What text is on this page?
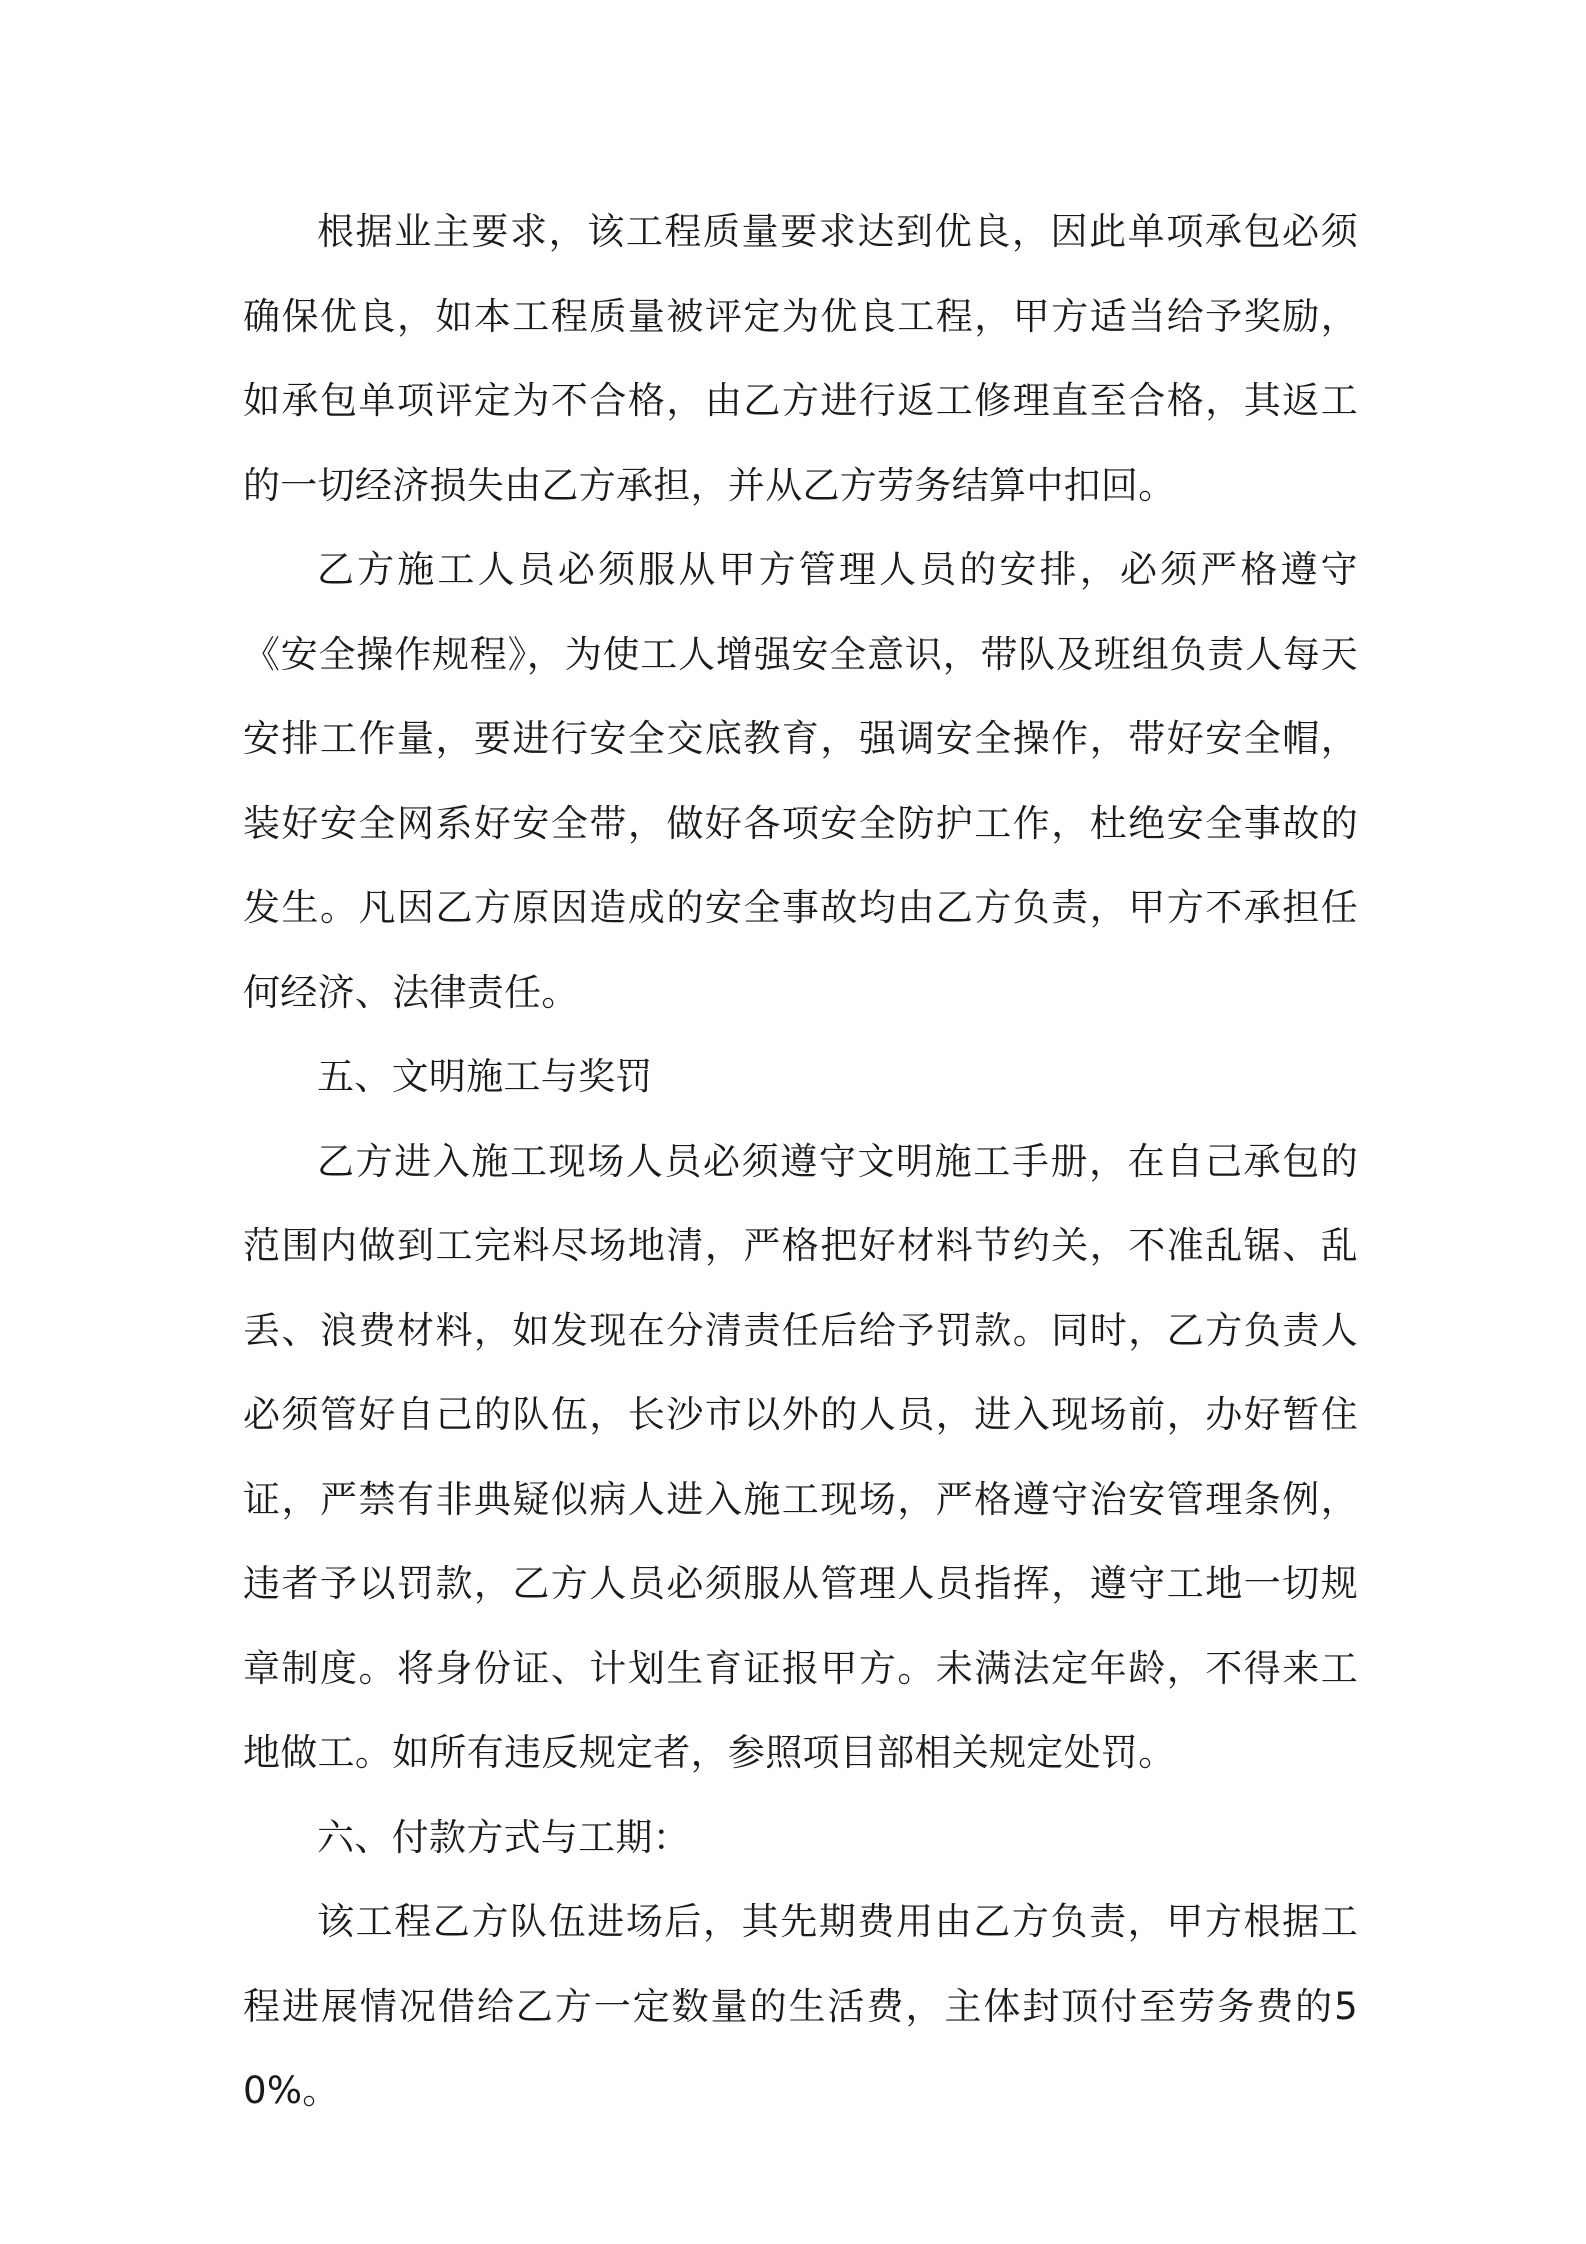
根据业主要求，该工程质量要求达到优良，因此单项承包必须确保优良，如本工程质量被评定为优良工程，甲方适当给予奖励，如承包单项评定为不合格，由乙方进行返工修理直至合格，其返工的一切经济损失由乙方承担，并从乙方劳务结算中扣回。

乙方施工人员必须服从甲方管理人员的安排，必须严格遵守《安全操作规程》，为使工人增强安全意识，带队及班组负责人每天安排工作量，要进行安全交底教育，强调安全操作，带好安全帽，装好安全网系好安全带，做好各项安全防护工作，杜绝安全事故的发生。凡因乙方原因造成的安全事故均由乙方负责，甲方不承担任何经济、法律责任。

五、文明施工与奖罚

乙方进入施工现场人员必须遵守文明施工手册，在自己承包的范围内做到工完料尽场地清，严格把好材料节约关，不准乱锯、乱丢、浪费材料，如发现在分清责任后给予罚款。同时，乙方负责人必须管好自己的队伍，长沙市以外的人员，进入现场前，办好暂住证，严禁有非典疑似病人进入施工现场，严格遵守治安管理条例，违者予以罚款，乙方人员必须服从管理人员指挥，遵守工地一切规章制度。将身份证、计划生育证报甲方。未满法定年龄，不得来工地做工。如所有违反规定者，参照项目部相关规定处罚。

六、付款方式与工期：

该工程乙方队伍进场后，其先期费用由乙方负责，甲方根据工程进展情况借给乙方一定数量的生活费，主体封顶付至劳务费的50%。
